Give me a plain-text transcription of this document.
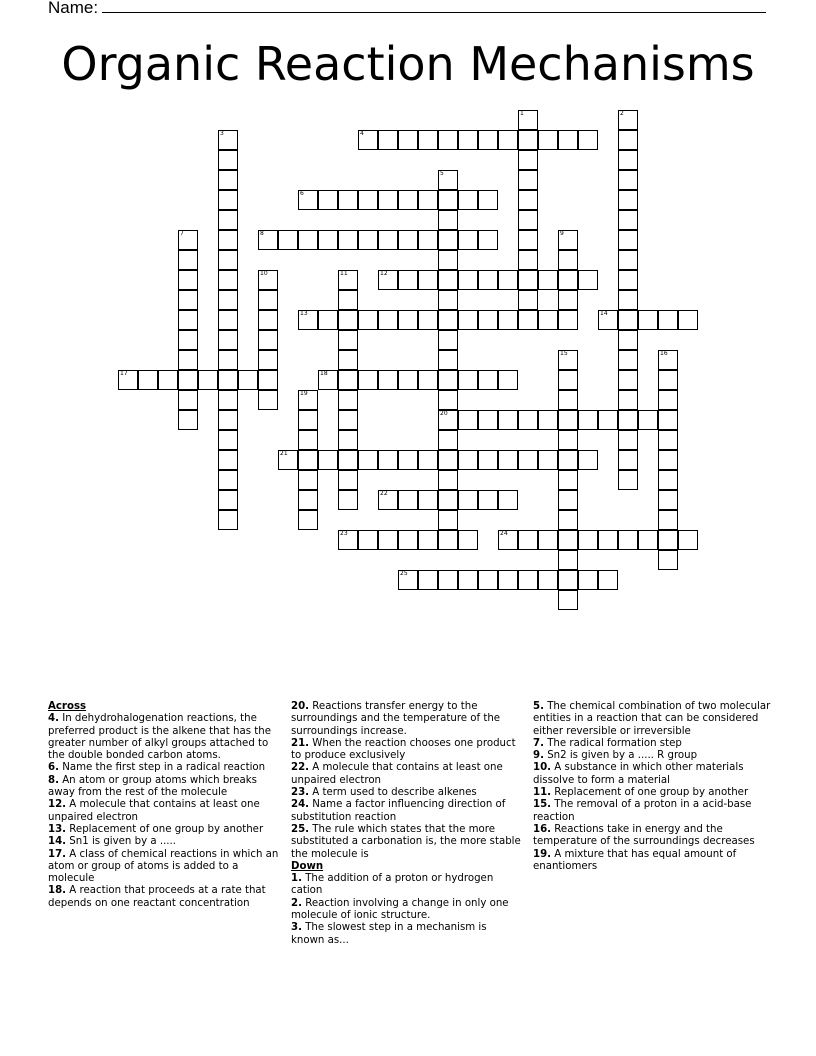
Name:
Organic Reaction Mechanisms
1	2
3	4
5
20
6
7	8	9
10	11	12
13	14
15	16
17	18
19
21
22
23	24
25

Across

4. In dehydrohalogenation reactions, the preferred product is the alkene that has the greater number of alkyl groups attached to the double bonded carbon atoms.

6. Name the first step in a radical reaction

8. An atom or group atoms which breaks away from the rest of the molecule

12. A molecule that contains at least one unpaired electron

13. Replacement of one group by another

14. Sn1 is given by a .....

17. A class of chemical reactions in which an atom or group of atoms is added to a molecule

18. A reaction that proceeds at a rate that depends on one reactant concentration

20. Reactions transfer energy to the surroundings and the temperature of the surroundings increase.

21. When the reaction chooses one product to produce exclusively

22. A molecule that contains at least one unpaired electron

23. A term used to describe alkenes

24. Name a factor influencing direction of substitution reaction

25. The rule which states that the more substituted a carbonation is, the more stable the molecule is

Down

1. The addition of a proton or hydrogen cation

2. Reaction involving a change in only one molecule of ionic structure.

3. The slowest step in a mechanism is known as...

5. The chemical combination of two molecular entities in a reaction that can be considered either reversible or irreversible

7. The radical formation step

9. Sn2 is given by a ..... R group

10. A substance in which other materials dissolve to form a material

11. Replacement of one group by another

15. The removal of a proton in a acid-base reaction

16. Reactions take in energy and the temperature of the surroundings decreases

19. A mixture that has equal amount of enantiomers
